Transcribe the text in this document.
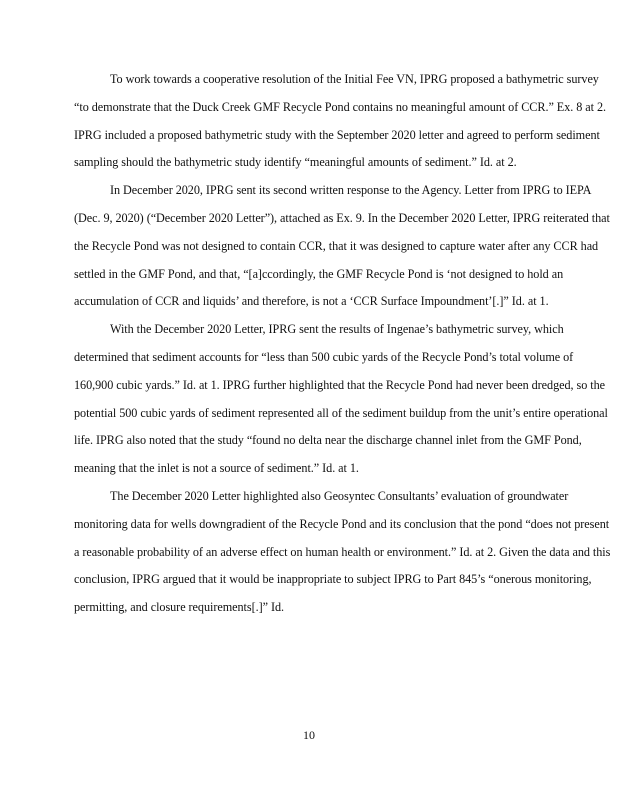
To work towards a cooperative resolution of the Initial Fee VN, IPRG proposed a bathymetric survey “to demonstrate that the Duck Creek GMF Recycle Pond contains no meaningful amount of CCR.” Ex. 8 at 2. IPRG included a proposed bathymetric study with the September 2020 letter and agreed to perform sediment sampling should the bathymetric study identify “meaningful amounts of sediment.” Id. at 2.

In December 2020, IPRG sent its second written response to the Agency. Letter from IPRG to IEPA (Dec. 9, 2020) (“December 2020 Letter”), attached as Ex. 9. In the December 2020 Letter, IPRG reiterated that the Recycle Pond was not designed to contain CCR, that it was designed to capture water after any CCR had settled in the GMF Pond, and that, “[a]ccordingly, the GMF Recycle Pond is ‘not designed to hold an accumulation of CCR and liquids’ and therefore, is not a ‘CCR Surface Impoundment’[.]” Id. at 1.

With the December 2020 Letter, IPRG sent the results of Ingenae’s bathymetric survey, which determined that sediment accounts for “less than 500 cubic yards of the Recycle Pond’s total volume of 160,900 cubic yards.” Id. at 1. IPRG further highlighted that the Recycle Pond had never been dredged, so the potential 500 cubic yards of sediment represented all of the sediment buildup from the unit’s entire operational life. IPRG also noted that the study “found no delta near the discharge channel inlet from the GMF Pond, meaning that the inlet is not a source of sediment.” Id. at 1.

The December 2020 Letter highlighted also Geosyntec Consultants’ evaluation of groundwater monitoring data for wells downgradient of the Recycle Pond and its conclusion that the pond “does not present a reasonable probability of an adverse effect on human health or environment.” Id. at 2. Given the data and this conclusion, IPRG argued that it would be inappropriate to subject IPRG to Part 845’s “onerous monitoring, permitting, and closure requirements[.]” Id.

10
